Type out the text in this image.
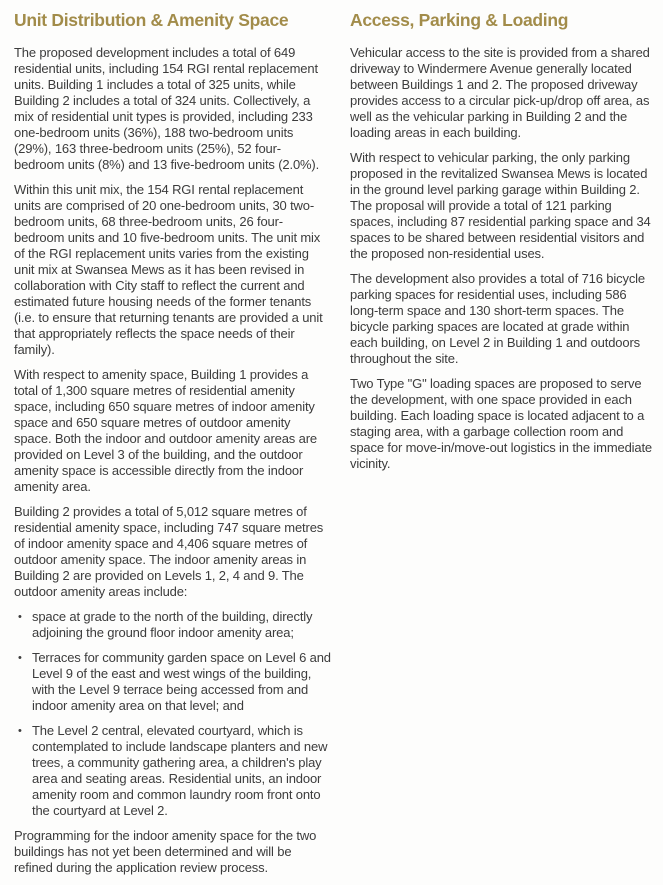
Unit Distribution & Amenity Space

The proposed development includes a total of 649 residential units, including 154 RGI rental replacement units. Building 1 includes a total of 325 units, while Building 2 includes a total of 324 units. Collectively, a mix of residential unit types is provided, including 233 one-bedroom units (36%), 188 two-bedroom units (29%), 163 three-bedroom units (25%), 52 four-bedroom units (8%) and 13 five-bedroom units (2.0%).

Within this unit mix, the 154 RGI rental replacement units are comprised of 20 one-bedroom units, 30 two-bedroom units, 68 three-bedroom units, 26 four-bedroom units and 10 five-bedroom units. The unit mix of the RGI replacement units varies from the existing unit mix at Swansea Mews as it has been revised in collaboration with City staff to reflect the current and estimated future housing needs of the former tenants (i.e. to ensure that returning tenants are provided a unit that appropriately reflects the space needs of their family).

With respect to amenity space, Building 1 provides a total of 1,300 square metres of residential amenity space, including 650 square metres of indoor amenity space and 650 square metres of outdoor amenity space. Both the indoor and outdoor amenity areas are provided on Level 3 of the building, and the outdoor amenity space is accessible directly from the indoor amenity area.

Building 2 provides a total of 5,012 square metres of residential amenity space, including 747 square metres of indoor amenity space and 4,406 square metres of outdoor amenity space. The indoor amenity areas in Building 2 are provided on Levels 1, 2, 4 and 9. The outdoor amenity areas include:

• space at grade to the north of the building, directly adjoining the ground floor indoor amenity area;
• Terraces for community garden space on Level 6 and Level 9 of the east and west wings of the building, with the Level 9 terrace being accessed from and indoor amenity area on that level; and
• The Level 2 central, elevated courtyard, which is contemplated to include landscape planters and new trees, a community gathering area, a children's play area and seating areas. Residential units, an indoor amenity room and common laundry room front onto the courtyard at Level 2.

Programming for the indoor amenity space for the two buildings has not yet been determined and will be refined during the application review process.

Access, Parking & Loading

Vehicular access to the site is provided from a shared driveway to Windermere Avenue generally located between Buildings 1 and 2. The proposed driveway provides access to a circular pick-up/drop off area, as well as the vehicular parking in Building 2 and the loading areas in each building.

With respect to vehicular parking, the only parking proposed in the revitalized Swansea Mews is located in the ground level parking garage within Building 2. The proposal will provide a total of 121 parking spaces, including 87 residential parking space and 34 spaces to be shared between residential visitors and the proposed non-residential uses.

The development also provides a total of 716 bicycle parking spaces for residential uses, including 586 long-term space and 130 short-term spaces. The bicycle parking spaces are located at grade within each building, on Level 2 in Building 1 and outdoors throughout the site.

Two Type "G" loading spaces are proposed to serve the development, with one space provided in each building. Each loading space is located adjacent to a staging area, with a garbage collection room and space for move-in/move-out logistics in the immediate vicinity.
